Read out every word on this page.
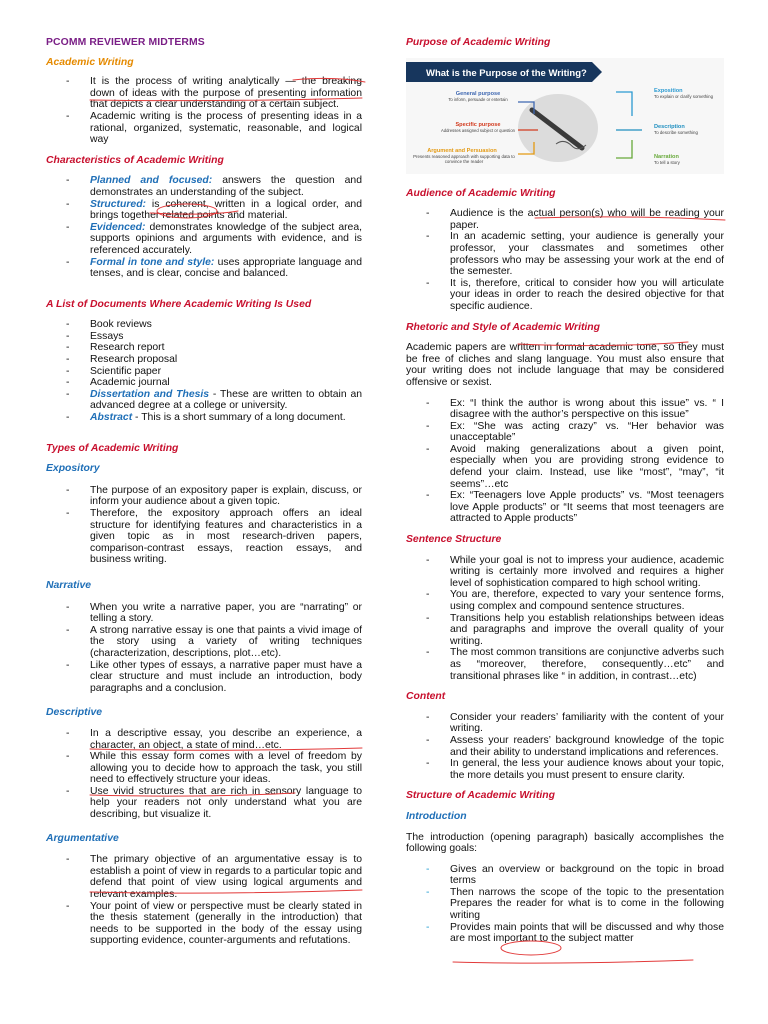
PCOMM REVIEWER MIDTERMS
Academic Writing
- It is the process of writing analytically — the breaking down of ideas with the purpose of presenting information that depicts a clear understanding of a certain subject.
- Academic writing is the process of presenting ideas in a rational, organized, systematic, reasonable, and logical way
Characteristics of Academic Writing
- Planned and focused: answers the question and demonstrates an understanding of the subject.
- Structured: is coherent, written in a logical order, and brings together related points and material.
- Evidenced: demonstrates knowledge of the subject area, supports opinions and arguments with evidence, and is referenced accurately.
- Formal in tone and style: uses appropriate language and tenses, and is clear, concise and balanced.
A List of Documents Where Academic Writing Is Used
- Book reviews
- Essays
- Research report
- Research proposal
- Scientific paper
- Academic journal
- Dissertation and Thesis - These are written to obtain an advanced degree at a college or university.
- Abstract - This is a short summary of a long document.
Types of Academic Writing
Expository
- The purpose of an expository paper is explain, discuss, or inform your audience about a given topic.
- Therefore, the expository approach offers an ideal structure for identifying features and characteristics in a given topic as in most research-driven papers, comparison-contrast essays, reaction essays, and business writing.
Narrative
- When you write a narrative paper, you are “narrating” or telling a story.
- A strong narrative essay is one that paints a vivid image of the story using a variety of writing techniques (characterization, descriptions, plot…etc).
- Like other types of essays, a narrative paper must have a clear structure and must include an introduction, body paragraphs and a conclusion.
Descriptive
- In a descriptive essay, you describe an experience, a character, an object, a state of mind…etc.
- While this essay form comes with a level of freedom by allowing you to decide how to approach the task, you still need to effectively structure your ideas.
- Use vivid structures that are rich in sensory language to help your readers not only understand what you are describing, but visualize it.
Argumentative
- The primary objective of an argumentative essay is to establish a point of view in regards to a particular topic and defend that point of view using logical arguments and relevant examples.
- Your point of view or perspective must be clearly stated in the thesis statement (generally in the introduction) that needs to be supported in the body of the essay using supporting evidence, counter-arguments and refutations.
Purpose of Academic Writing
What is the Purpose of the Writing?
General purpose
To inform, persuade or entertain
Specific purpose
Addresses assigned subject or question
Argument and Persuasion
Presents reasoned approach with supporting data to convince the reader
Exposition
To explain or clarify something
Description
To describe something
Narration
To tell a story
Audience of Academic Writing
- Audience is the actual person(s) who will be reading your paper.
- In an academic setting, your audience is generally your professor, your classmates and sometimes other professors who may be assessing your work at the end of the semester.
- It is, therefore, critical to consider how you will articulate your ideas in order to reach the desired objective for that specific audience.
Rhetoric and Style of Academic Writing
Academic papers are written in formal academic tone, so they must be free of cliches and slang language. You must also ensure that your writing does not include language that may be considered offensive or sexist.
- Ex: “I think the author is wrong about this issue” vs. “ I disagree with the author’s perspective on this issue”
- Ex: “She was acting crazy” vs. “Her behavior was unacceptable”
- Avoid making generalizations about a given point, especially when you are providing strong evidence to defend your claim. Instead, use like “most”, “may”, “it seems”…etc
- Ex: “Teenagers love Apple products” vs. “Most teenagers love Apple products” or “It seems that most teenagers are attracted to Apple products”
Sentence Structure
- While your goal is not to impress your audience, academic writing is certainly more involved and requires a higher level of sophistication compared to high school writing.
- You are, therefore, expected to vary your sentence forms, using complex and compound sentence structures.
- Transitions help you establish relationships between ideas and paragraphs and improve the overall quality of your writing.
- The most common transitions are conjunctive adverbs such as “moreover, therefore, consequently…etc” and transitional phrases like “ in addition, in contrast…etc)
Content
- Consider your readers’ familiarity with the content of your writing.
- Assess your readers’ background knowledge of the topic and their ability to understand implications and references.
- In general, the less your audience knows about your topic, the more details you must present to ensure clarity.
Structure of Academic Writing
Introduction
The introduction (opening paragraph) basically accomplishes the following goals:
- Gives an overview or background on the topic in broad terms
- Then narrows the scope of the topic to the presentation Prepares the reader for what is to come in the following writing
- Provides main points that will be discussed and why those are most important to the subject matter
